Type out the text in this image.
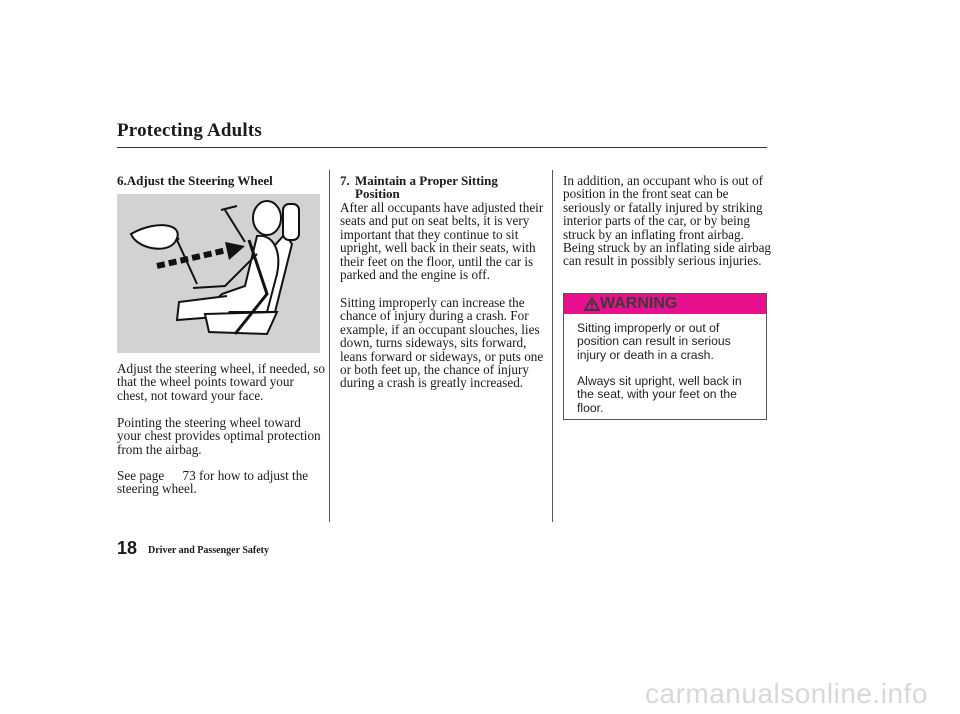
Protecting Adults
6.Adjust the Steering Wheel
Adjust the steering wheel, if needed, so that the wheel points toward your chest, not toward your face.
Pointing the steering wheel toward your chest provides optimal protection from the airbag.
See page 73 for how to adjust the steering wheel.
7. Maintain a Proper Sitting
Position
After all occupants have adjusted their seats and put on seat belts, it is very important that they continue to sit upright, well back in their seats, with their feet on the floor, until the car is parked and the engine is off.
Sitting improperly can increase the chance of injury during a crash. For example, if an occupant slouches, lies down, turns sideways, sits forward, leans forward or sideways, or puts one or both feet up, the chance of injury during a crash is greatly increased.
In addition, an occupant who is out of position in the front seat can be seriously or fatally injured by striking interior parts of the car, or by being struck by an inflating front airbag. Being struck by an inflating side airbag can result in possibly serious injuries.
WARNING
Sitting improperly or out of position can result in serious injury or death in a crash.
Always sit upright, well back in the seat, with your feet on the floor.
18 Driver and Passenger Safety
carmanualsonline.info
